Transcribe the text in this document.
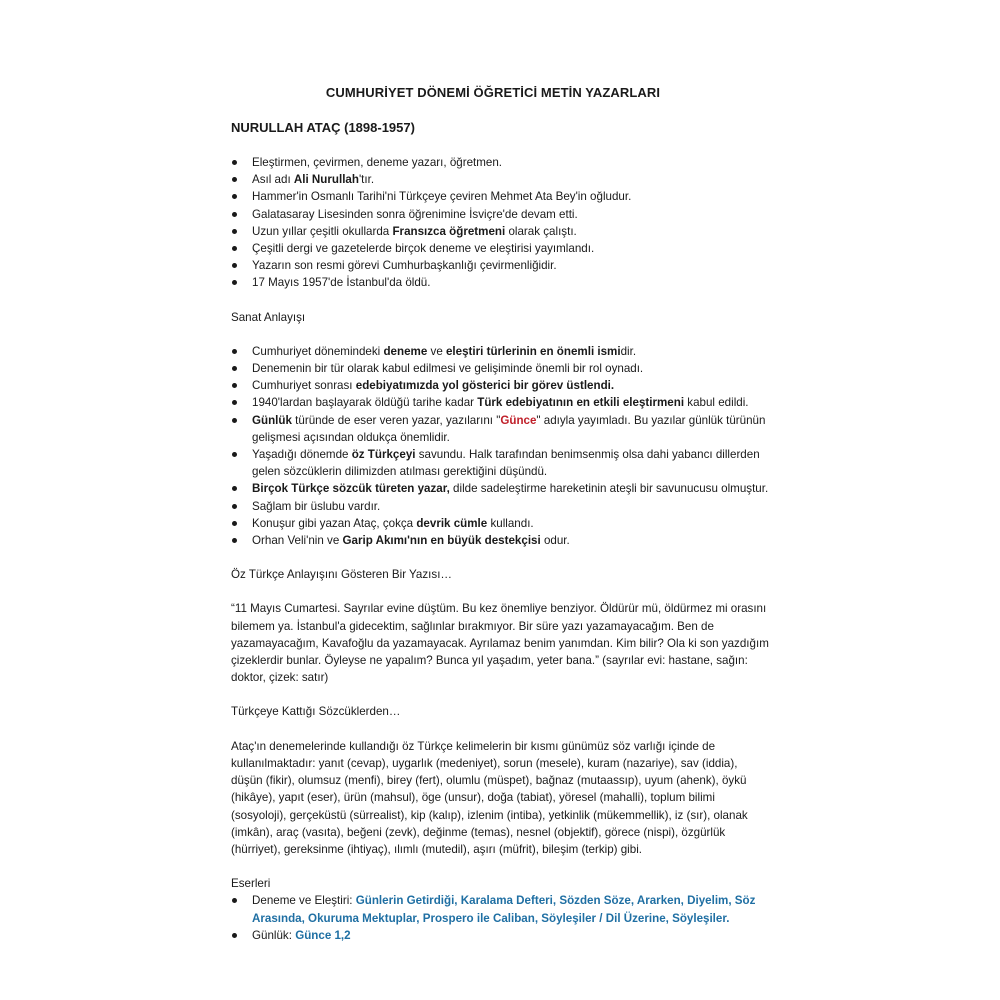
CUMHURİYET DÖNEMİ ÖĞRETİCİ METİN YAZARLARI
NURULLAH ATAÇ (1898-1957)
Eleştirmen, çevirmen, deneme yazarı, öğretmen.
Asıl adı Ali Nurullah'tır.
Hammer'in Osmanlı Tarihi'ni Türkçeye çeviren Mehmet Ata Bey'in oğludur.
Galatasaray Lisesinden sonra öğrenimine İsviçre'de devam etti.
Uzun yıllar çeşitli okullarda Fransızca öğretmeni olarak çalıştı.
Çeşitli dergi ve gazetelerde birçok deneme ve eleştirisi yayımlandı.
Yazarın son resmi görevi Cumhurbaşkanlığı çevirmenliğidir.
17 Mayıs 1957'de İstanbul'da öldü.

Sanat Anlayışı

Cumhuriyet dönemindeki deneme ve eleştiri türlerinin en önemli ismidir.
Denemenin bir tür olarak kabul edilmesi ve gelişiminde önemli bir rol oynadı.
Cumhuriyet sonrası edebiyatımızda yol gösterici bir görev üstlendi.
1940'lardan başlayarak öldüğü tarihe kadar Türk edebiyatının en etkili eleştirmeni kabul edildi.
Günlük türünde de eser veren yazar, yazılarını "Günce" adıyla yayımladı. Bu yazılar günlük türünün gelişmesi açısından oldukça önemlidir.
Yaşadığı dönemde öz Türkçeyi savundu. Halk tarafından benimsenmiş olsa dahi yabancı dillerden gelen sözcüklerin dilimizden atılması gerektiğini düşündü.
Birçok Türkçe sözcük türeten yazar, dilde sadeleştirme hareketinin ateşli bir savunucusu olmuştur.
Sağlam bir üslubu vardır.
Konuşur gibi yazan Ataç, çokça devrik cümle kullandı.
Orhan Veli'nin ve Garip Akımı'nın en büyük destekçisi odur.

Öz Türkçe Anlayışını Gösteren Bir Yazısı…

“11 Mayıs Cumartesi. Sayrılar evine düştüm. Bu kez önemliye benziyor. Öldürür mü, öldürmez mi orasını bilemem ya. İstanbul'a gidecektim, sağlınlar bırakmıyor. Bir süre yazı yazamayacağım. Ben de yazamayacağım, Kavafoğlu da yazamayacak. Ayrılamaz benim yanımdan. Kim bilir? Ola ki son yazdığım çizeklerdir bunlar. Öyleyse ne yapalım? Bunca yıl yaşadım, yeter bana.” (sayrılar evi: hastane, sağın: doktor, çizek: satır)

Türkçeye Kattığı Sözcüklerden…

Ataç'ın denemelerinde kullandığı öz Türkçe kelimelerin bir kısmı günümüz söz varlığı içinde de kullanılmaktadır: yanıt (cevap), uygarlık (medeniyet), sorun (mesele), kuram (nazariye), sav (iddia), düşün (fikir), olumsuz (menfi), birey (fert), olumlu (müspet), bağnaz (mutaassıp), uyum (ahenk), öykü (hikâye), yapıt (eser), ürün (mahsul), öge (unsur), doğa (tabiat), yöresel (mahalli), toplum bilimi (sosyoloji), gerçeküstü (sürrealist), kip (kalıp), izlenim (intiba), yetkinlik (mükemmellik), iz (sır), olanak (imkân), araç (vasıta), beğeni (zevk), değinme (temas), nesnel (objektif), görece (nispi), özgürlük (hürriyet), gereksinme (ihtiyaç), ılımlı (mutedil), aşırı (müfrit), bileşim (terkip) gibi.

Eserleri

Deneme ve Eleştiri: Günlerin Getirdiği, Karalama Defteri, Sözden Söze, Ararken, Diyelim, Söz Arasında, Okuruma Mektuplar, Prospero ile Caliban, Söyleşiler / Dil Üzerine, Söyleşiler.
Günlük: Günce 1,2
